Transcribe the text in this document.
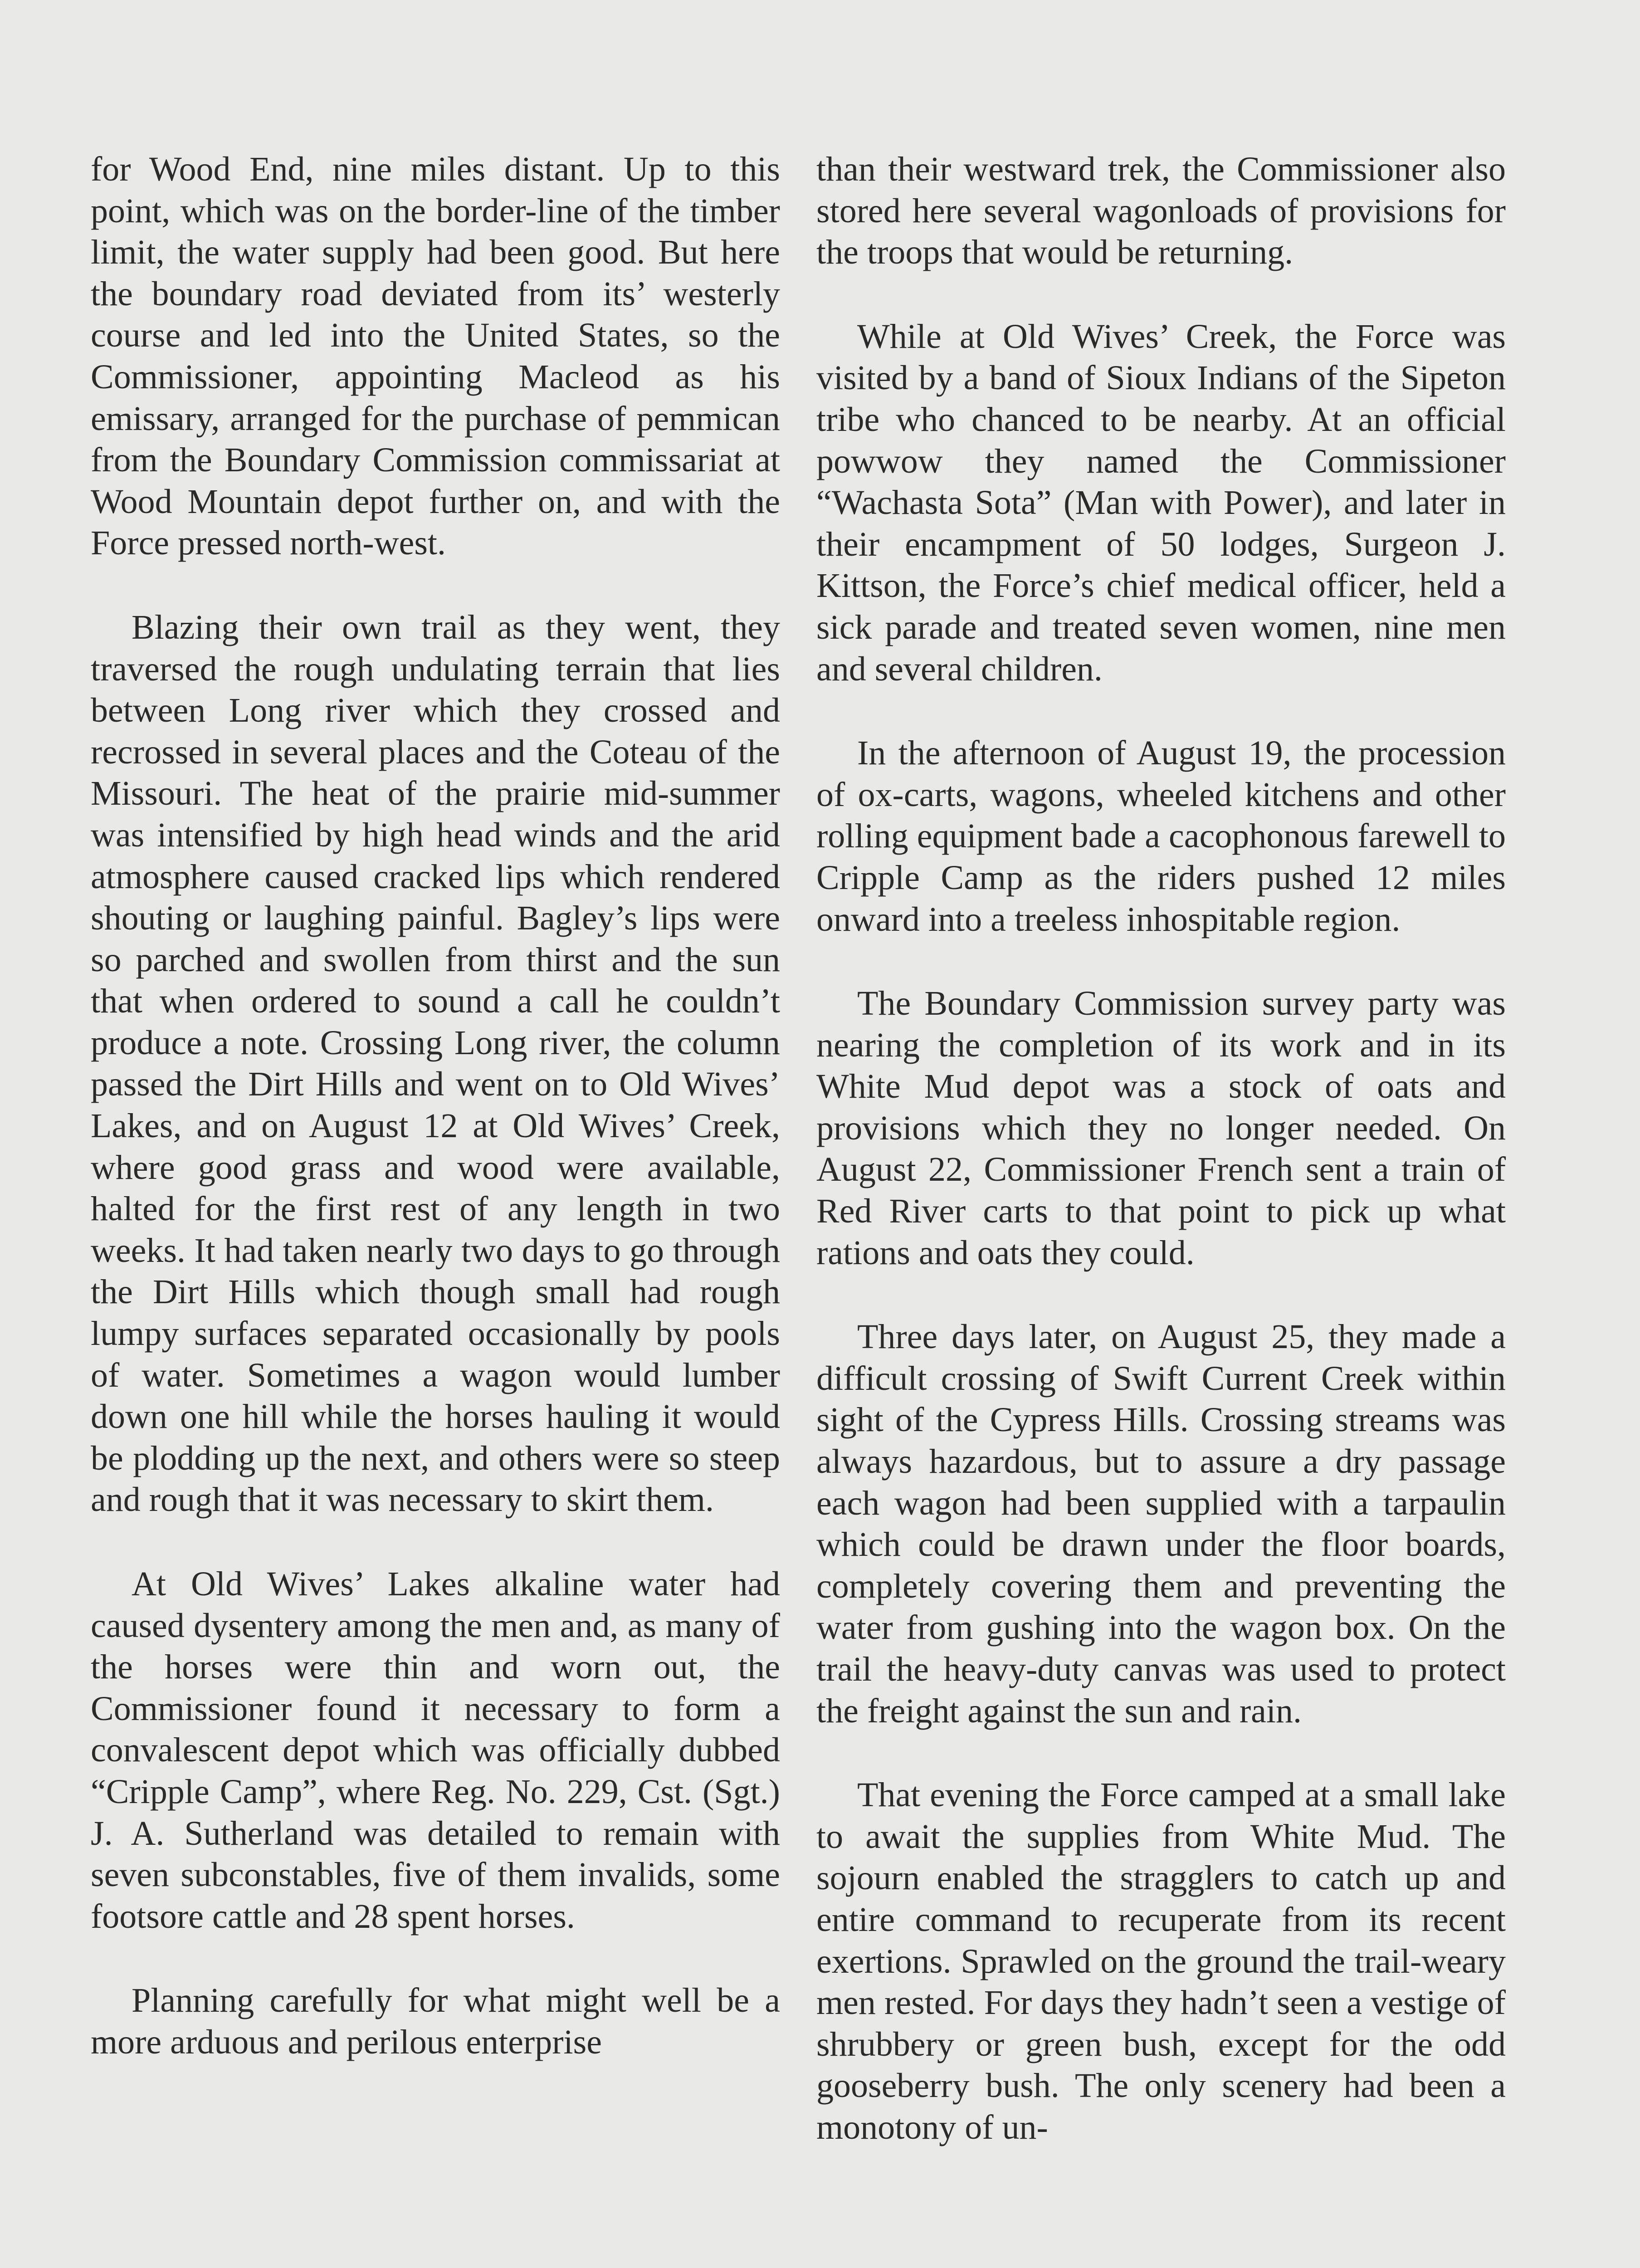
for Wood End, nine miles distant. Up to this point, which was on the border-line of the timber limit, the water supply had been good. But here the boundary road deviated from its’ westerly course and led into the United States, so the Commissioner, appointing Macleod as his emissary, arranged for the purchase of pemmican from the Boundary Commission commissariat at Wood Mountain depot further on, and with the Force pressed north-west.

Blazing their own trail as they went, they traversed the rough undulating terrain that lies between Long river which they crossed and recrossed in several places and the Coteau of the Missouri. The heat of the prairie mid-summer was intensified by high head winds and the arid atmosphere caused cracked lips which rendered shouting or laughing painful. Bagley’s lips were so parched and swollen from thirst and the sun that when ordered to sound a call he couldn’t produce a note. Crossing Long river, the column passed the Dirt Hills and went on to Old Wives’ Lakes, and on August 12 at Old Wives’ Creek, where good grass and wood were available, halted for the first rest of any length in two weeks. It had taken nearly two days to go through the Dirt Hills which though small had rough lumpy surfaces separated occasionally by pools of water. Sometimes a wagon would lumber down one hill while the horses hauling it would be plodding up the next, and others were so steep and rough that it was necessary to skirt them.

At Old Wives’ Lakes alkaline water had caused dysentery among the men and, as many of the horses were thin and worn out, the Commissioner found it necessary to form a convalescent depot which was officially dubbed “Cripple Camp”, where Reg. No. 229, Cst. (Sgt.) J. A. Sutherland was detailed to remain with seven subconstables, five of them invalids, some footsore cattle and 28 spent horses.

Planning carefully for what might well be a more arduous and perilous enterprise

than their westward trek, the Commissioner also stored here several wagonloads of provisions for the troops that would be returning.

While at Old Wives’ Creek, the Force was visited by a band of Sioux Indians of the Sipeton tribe who chanced to be nearby. At an official powwow they named the Commissioner “Wachasta Sota” (Man with Power), and later in their encampment of 50 lodges, Surgeon J. Kittson, the Force’s chief medical officer, held a sick parade and treated seven women, nine men and several children.

In the afternoon of August 19, the procession of ox-carts, wagons, wheeled kitchens and other rolling equipment bade a cacophonous farewell to Cripple Camp as the riders pushed 12 miles onward into a treeless inhospitable region.

The Boundary Commission survey party was nearing the completion of its work and in its White Mud depot was a stock of oats and provisions which they no longer needed. On August 22, Commissioner French sent a train of Red River carts to that point to pick up what rations and oats they could.

Three days later, on August 25, they made a difficult crossing of Swift Current Creek within sight of the Cypress Hills. Crossing streams was always hazardous, but to assure a dry passage each wagon had been supplied with a tarpaulin which could be drawn under the floor boards, completely covering them and preventing the water from gushing into the wagon box. On the trail the heavy-duty canvas was used to protect the freight against the sun and rain.

That evening the Force camped at a small lake to await the supplies from White Mud. The sojourn enabled the stragglers to catch up and entire command to recuperate from its recent exertions. Sprawled on the ground the trail-weary men rested. For days they hadn’t seen a vestige of shrubbery or green bush, except for the odd gooseberry bush. The only scenery had been a monotony of un-
